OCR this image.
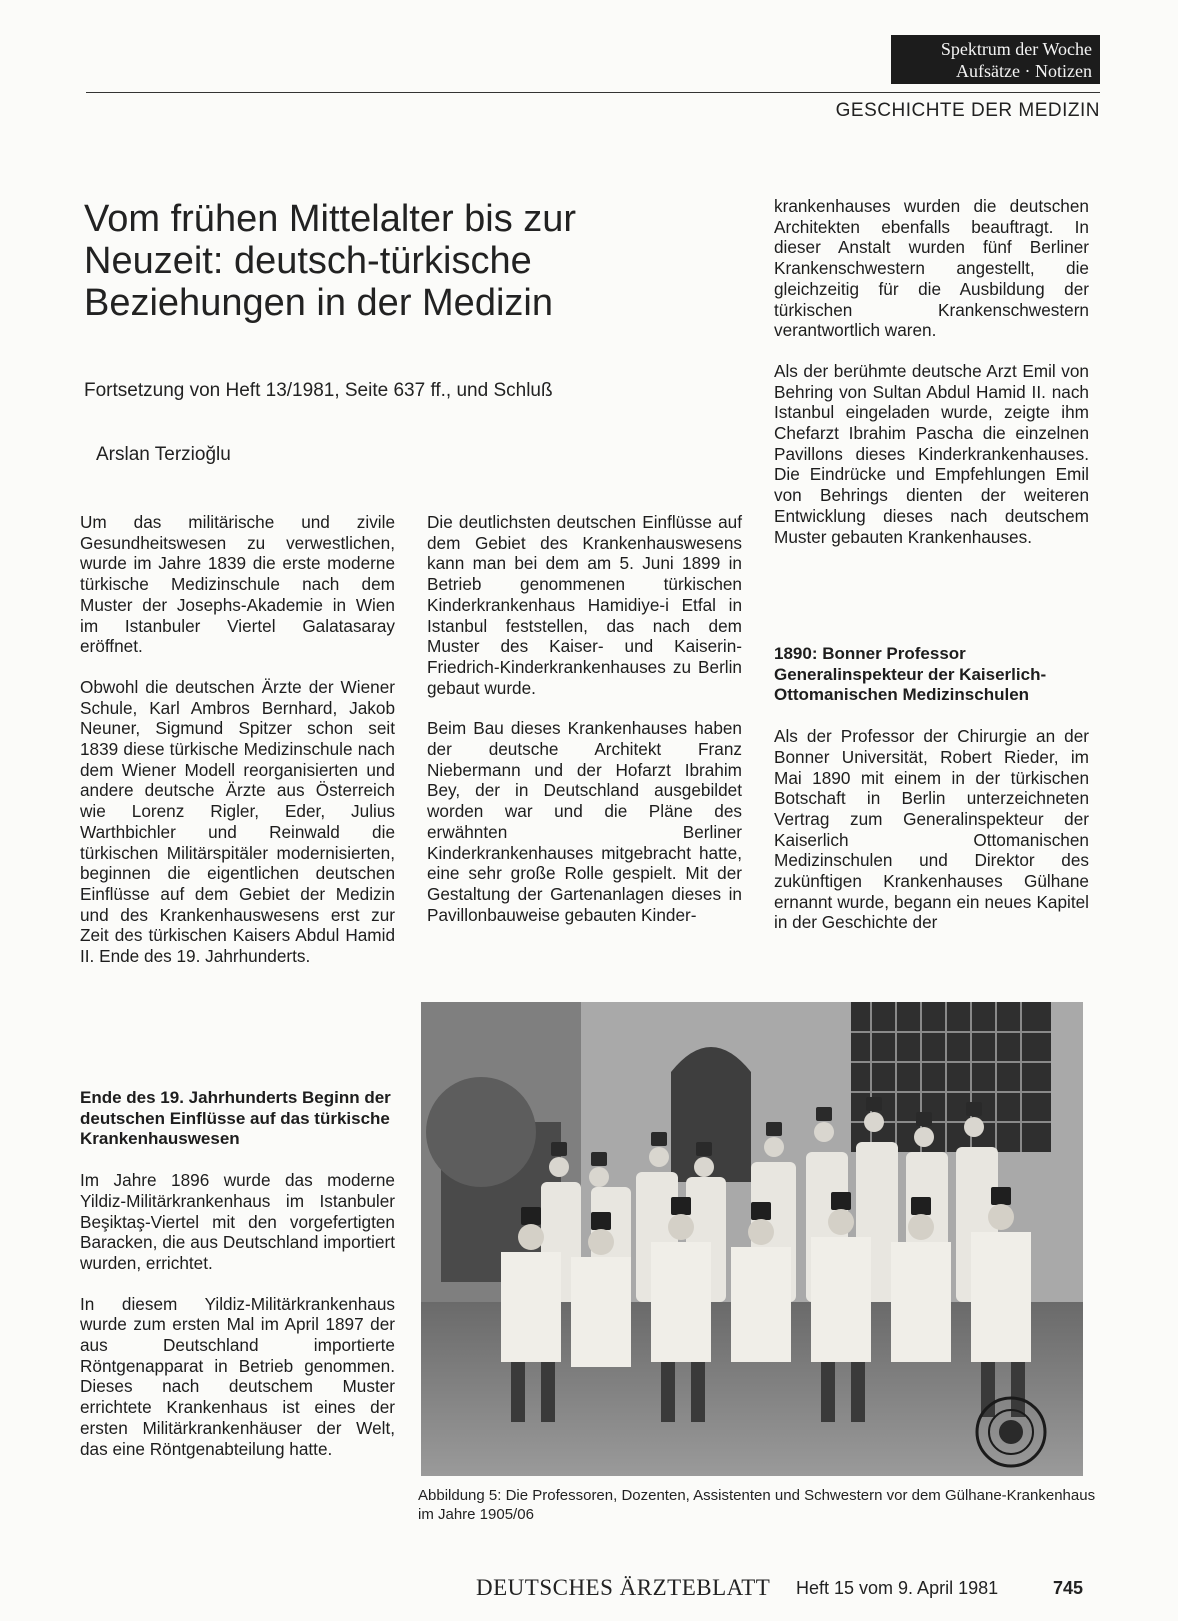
Spektrum der Woche
Aufsätze · Notizen
GESCHICHTE DER MEDIZIN
Vom frühen Mittelalter bis zur Neuzeit: deutsch-türkische Beziehungen in der Medizin
Fortsetzung von Heft 13/1981, Seite 637 ff., und Schluß
Arslan Terzioğlu

Um das militärische und zivile Gesundheitswesen zu verwestlichen, wurde im Jahre 1839 die erste moderne türkische Medizinschule nach dem Muster der Josephs-Akademie in Wien im Istanbuler Viertel Galatasaray eröffnet.

Obwohl die deutschen Ärzte der Wiener Schule, Karl Ambros Bernhard, Jakob Neuner, Sigmund Spitzer schon seit 1839 diese türkische Medizinschule nach dem Wiener Modell reorganisierten und andere deutsche Ärzte aus Österreich wie Lorenz Rigler, Eder, Julius Warthbichler und Reinwald die türkischen Militärspitäler modernisierten, beginnen die eigentlichen deutschen Einflüsse auf dem Gebiet der Medizin und des Krankenhauswesens erst zur Zeit des türkischen Kaisers Abdul Hamid II. Ende des 19. Jahrhunderts.

Ende des 19. Jahrhunderts Beginn der deutschen Einflüsse auf das türkische Krankenhauswesen

Im Jahre 1896 wurde das moderne Yildiz-Militärkrankenhaus im Istanbuler Beşiktaş-Viertel mit den vorgefertigten Baracken, die aus Deutschland importiert wurden, errichtet.

In diesem Yildiz-Militärkrankenhaus wurde zum ersten Mal im April 1897 der aus Deutschland importierte Röntgenapparat in Betrieb genommen. Dieses nach deutschem Muster errichtete Krankenhaus ist eines der ersten Militärkrankenhäuser der Welt, das eine Röntgenabteilung hatte.

Die deutlichsten deutschen Einflüsse auf dem Gebiet des Krankenhauswesens kann man bei dem am 5. Juni 1899 in Betrieb genommenen türkischen Kinderkrankenhaus Hamidiye-i Etfal in Istanbul feststellen, das nach dem Muster des Kaiser- und Kaiserin-Friedrich-Kinderkrankenhauses zu Berlin gebaut wurde.

Beim Bau dieses Krankenhauses haben der deutsche Architekt Franz Niebermann und der Hofarzt Ibrahim Bey, der in Deutschland ausgebildet worden war und die Pläne des erwähnten Berliner Kinderkrankenhauses mitgebracht hatte, eine sehr große Rolle gespielt. Mit der Gestaltung der Gartenanlagen dieses in Pavillonbauweise gebauten Kinder-

krankenhauses wurden die deutschen Architekten ebenfalls beauftragt. In dieser Anstalt wurden fünf Berliner Krankenschwestern angestellt, die gleichzeitig für die Ausbildung der türkischen Krankenschwestern verantwortlich waren.

Als der berühmte deutsche Arzt Emil von Behring von Sultan Abdul Hamid II. nach Istanbul eingeladen wurde, zeigte ihm Chefarzt Ibrahim Pascha die einzelnen Pavillons dieses Kinderkrankenhauses. Die Eindrücke und Empfehlungen Emil von Behrings dienten der weiteren Entwicklung dieses nach deutschem Muster gebauten Krankenhauses.

1890: Bonner Professor Generalinspekteur der Kaiserlich-Ottomanischen Medizinschulen

Als der Professor der Chirurgie an der Bonner Universität, Robert Rieder, im Mai 1890 mit einem in der türkischen Botschaft in Berlin unterzeichneten Vertrag zum Generalinspekteur der Kaiserlich Ottomanischen Medizinschulen und Direktor des zukünftigen Krankenhauses Gülhane ernannt wurde, begann ein neues Kapitel in der Geschichte der

Abbildung 5: Die Professoren, Dozenten, Assistenten und Schwestern vor dem Gülhane-Krankenhaus im Jahre 1905/06
DEUTSCHES ÄRZTEBLATT Heft 15 vom 9. April 1981	745
